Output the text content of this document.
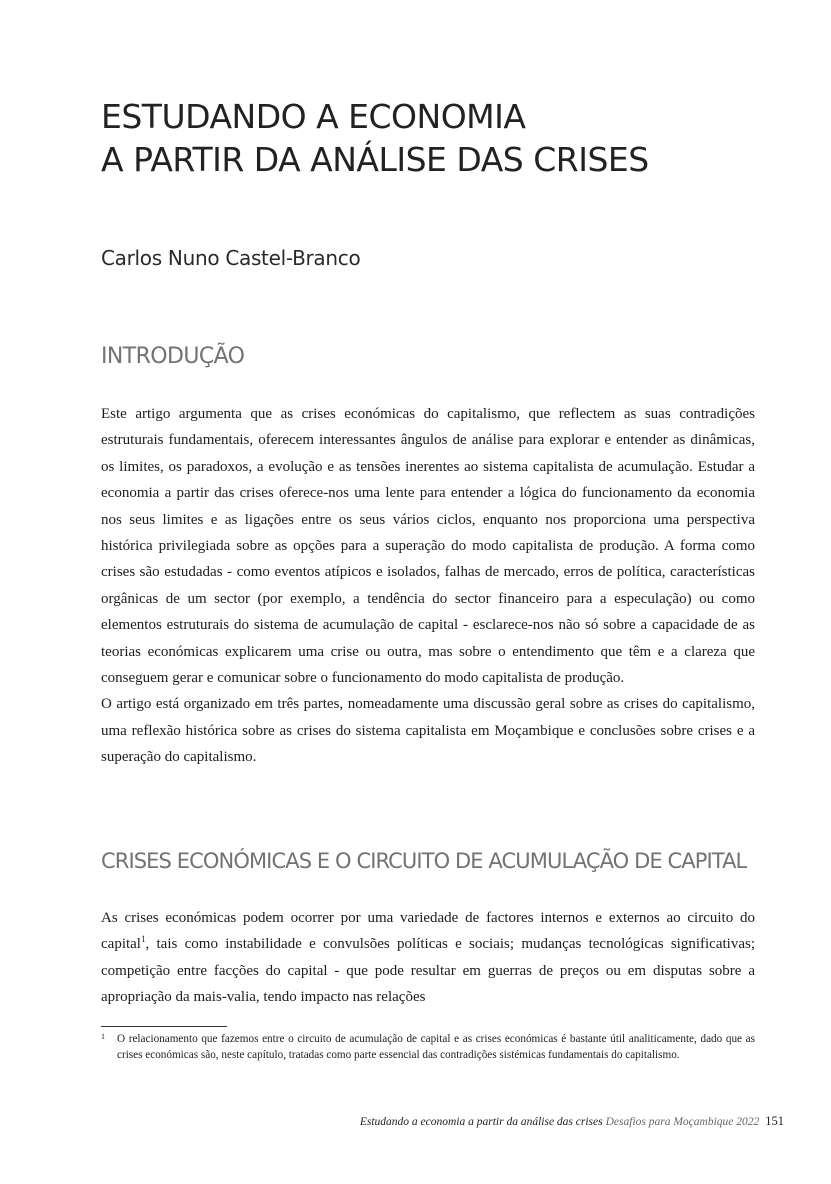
ESTUDANDO A ECONOMIA
A PARTIR DA ANÁLISE DAS CRISES

Carlos Nuno Castel-Branco

INTRODUÇÃO

Este artigo argumenta que as crises económicas do capitalismo, que reflectem as suas contradições estruturais fundamentais, oferecem interessantes ângulos de análise para explorar e entender as dinâmicas, os limites, os paradoxos, a evolução e as tensões inerentes ao sistema capitalista de acumulação. Estudar a economia a partir das crises oferece-nos uma lente para entender a lógica do funcionamento da economia nos seus limites e as ligações entre os seus vários ciclos, enquanto nos proporciona uma perspectiva histórica privilegiada sobre as opções para a superação do modo capitalista de produção. A forma como crises são estudadas - como eventos atípicos e isolados, falhas de mercado, erros de política, características orgânicas de um sector (por exemplo, a tendência do sector financeiro para a especulação) ou como elementos estruturais do sistema de acumulação de capital - esclarece-nos não só sobre a capacidade de as teorias económicas explicarem uma crise ou outra, mas sobre o entendimento que têm e a clareza que conseguem gerar e comunicar sobre o funcionamento do modo capitalista de produção.

O artigo está organizado em três partes, nomeadamente uma discussão geral sobre as crises do capitalismo, uma reflexão histórica sobre as crises do sistema capitalista em Moçambique e conclusões sobre crises e a superação do capitalismo.

CRISES ECONÓMICAS E O CIRCUITO DE ACUMULAÇÃO DE CAPITAL

As crises económicas podem ocorrer por uma variedade de factores internos e externos ao circuito do capital$^1$, tais como instabilidade e convulsões políticas e sociais; mudanças tecnológicas significativas; competição entre facções do capital - que pode resultar em guerras de preços ou em disputas sobre a apropriação da mais-valia, tendo impacto nas relações

1 O relacionamento que fazemos entre o circuito de acumulação de capital e as crises económicas é bastante útil analiticamente, dado que as crises económicas são, neste capítulo, tratadas como parte essencial das contradições sistémicas fundamentais do capitalismo.

Estudando a economia a partir da análise das crises Desafios para Moçambique 2022 151
